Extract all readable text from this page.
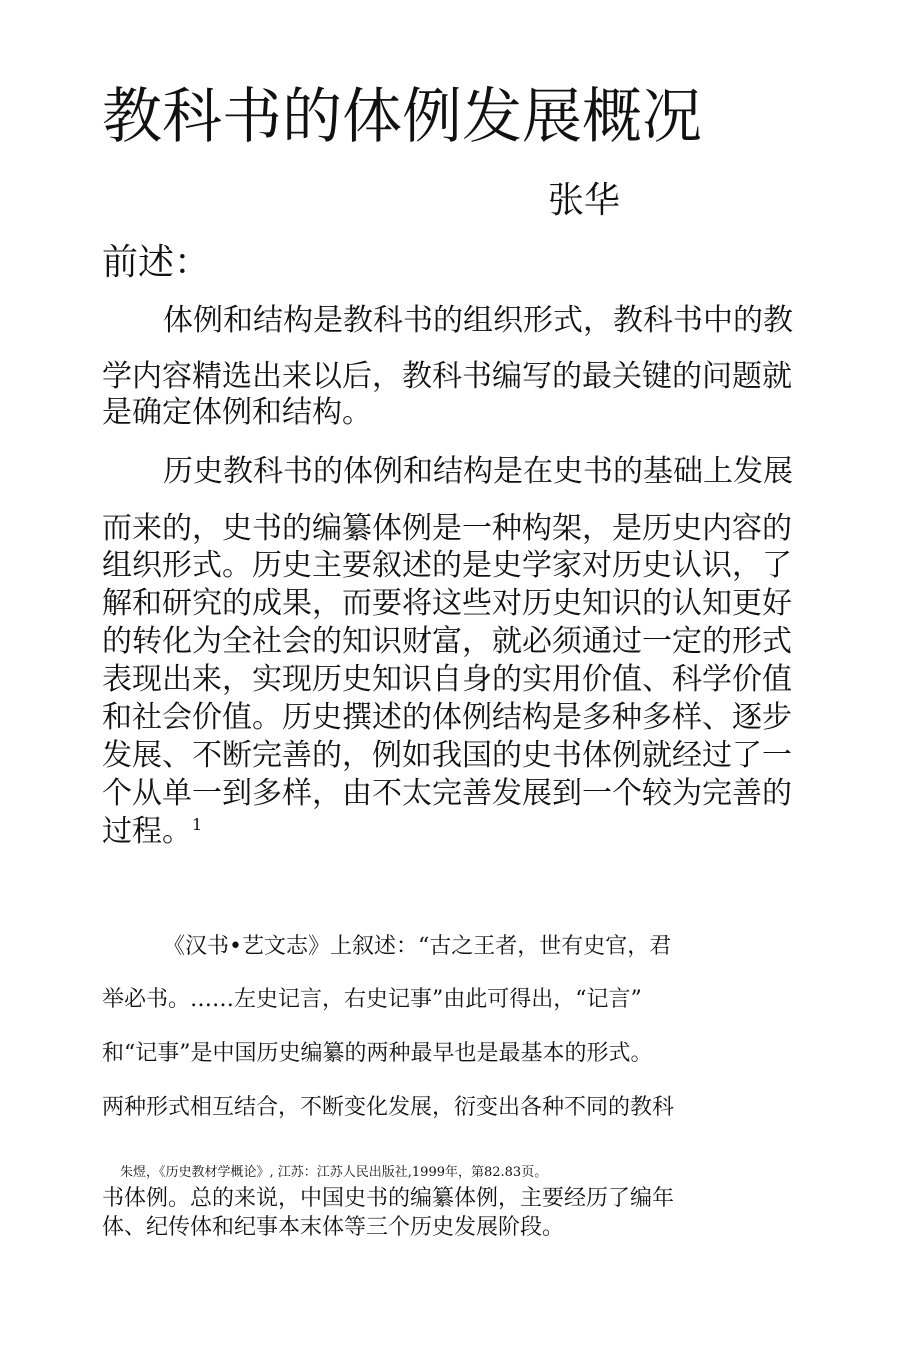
教科书的体例发展概况
张华
前述：
体例和结构是教科书的组织形式，教科书中的教
学内容精选出来以后，教科书编写的最关键的问题就
是确定体例和结构。
历史教科书的体例和结构是在史书的基础上发展
而来的，史书的编纂体例是一种构架，是历史内容的
组织形式。历史主要叙述的是史学家对历史认识，了
解和研究的成果，而要将这些对历史知识的认知更好
的转化为全社会的知识财富，就必须通过一定的形式
表现出来，实现历史知识自身的实用价值、科学价值
和社会价值。历史撰述的体例结构是多种多样、逐步
发展、不断完善的，例如我国的史书体例就经过了一
个从单一到多样，由不太完善发展到一个较为完善的
过程。$^1$
《汉书•艺文志》上叙述：“古之王者，世有史官，君
举必书。……左史记言，右史记事”由此可得出，“记言”
和“记事”是中国历史编纂的两种最早也是最基本的形式。
两种形式相互结合，不断变化发展，衍变出各种不同的教科
朱煜，《历史教材学概论》, 江苏：江苏人民出版社,1999年，第82.83页。
书体例。总的来说，中国史书的编纂体例，主要经历了编年
体、纪传体和纪事本末体等三个历史发展阶段。
